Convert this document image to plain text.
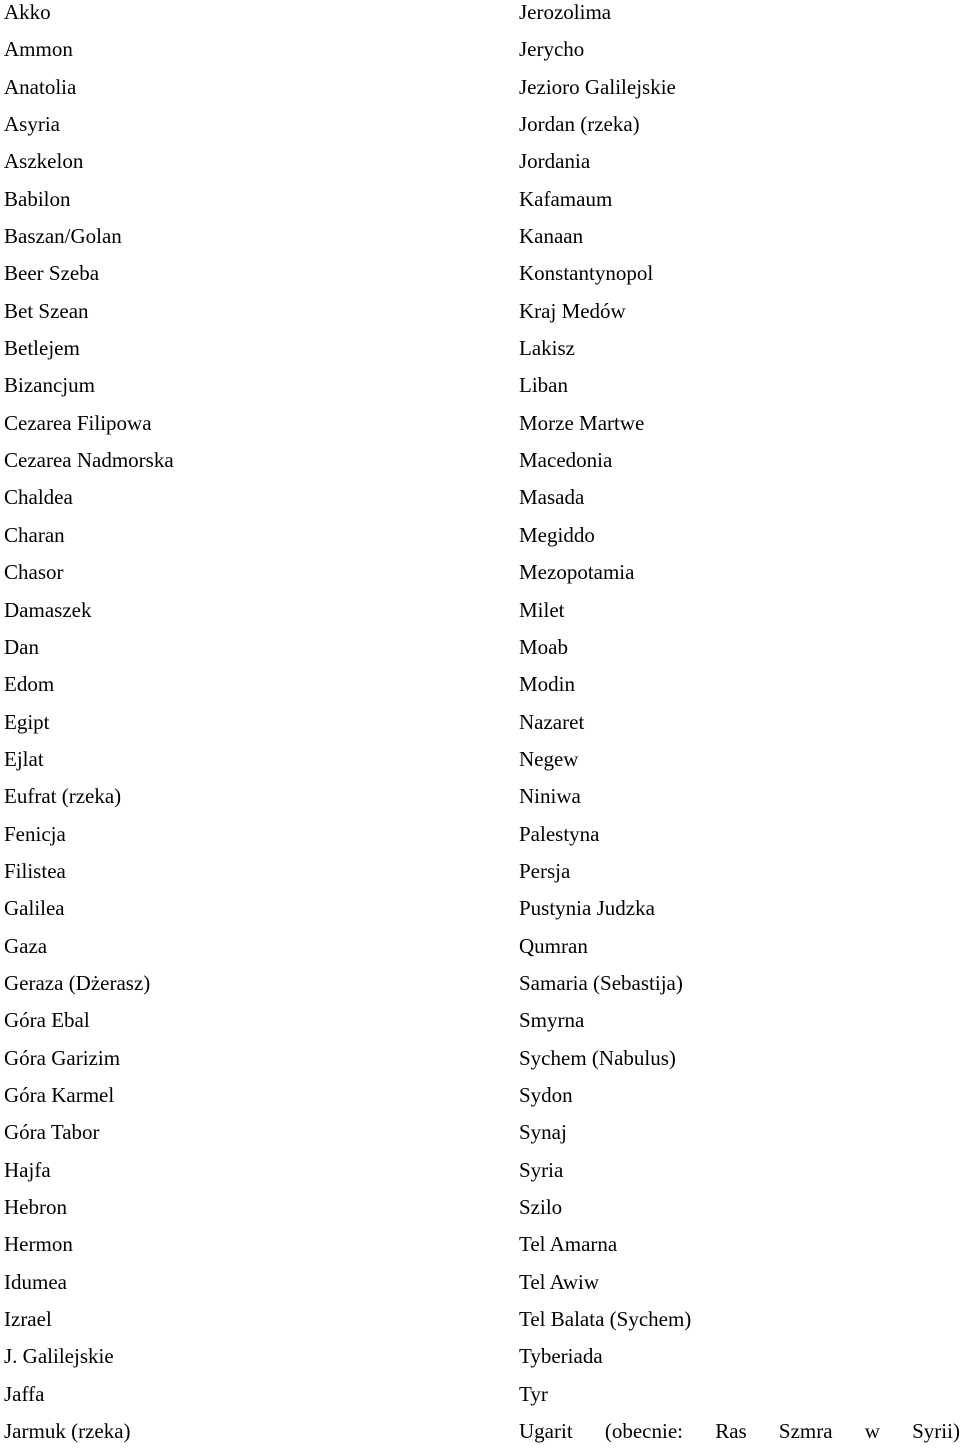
Akko
Ammon
Anatolia
Asyria
Aszkelon
Babilon
Baszan/Golan
Beer Szeba
Bet Szean
Betlejem
Bizancjum
Cezarea Filipowa
Cezarea Nadmorska
Chaldea
Charan
Chasor
Damaszek
Dan
Edom
Egipt
Ejlat
Eufrat (rzeka)
Fenicja
Filistea
Galilea
Gaza
Geraza (Dżerasz)
Góra Ebal
Góra Garizim
Góra Karmel
Góra Tabor
Hajfa
Hebron
Hermon
Idumea
Izrael
J. Galilejskie
Jaffa
Jarmuk (rzeka)
Jerozolima
Jerycho
Jezioro Galilejskie
Jordan (rzeka)
Jordania
Kafamaum
Kanaan
Konstantynopol
Kraj Medów
Lakisz
Liban
Morze Martwe
Macedonia
Masada
Megiddo
Mezopotamia
Milet
Moab
Modin
Nazaret
Negew
Niniwa
Palestyna
Persja
Pustynia Judzka
Qumran
Samaria (Sebastija)
Smyrna
Sychem (Nabulus)
Sydon
Synaj
Syria
Szilo
Tel Amarna
Tel Awiw
Tel Balata (Sychem)
Tyberiada
Tyr
Ugarit (obecnie: Ras Szmra w Syrii)
